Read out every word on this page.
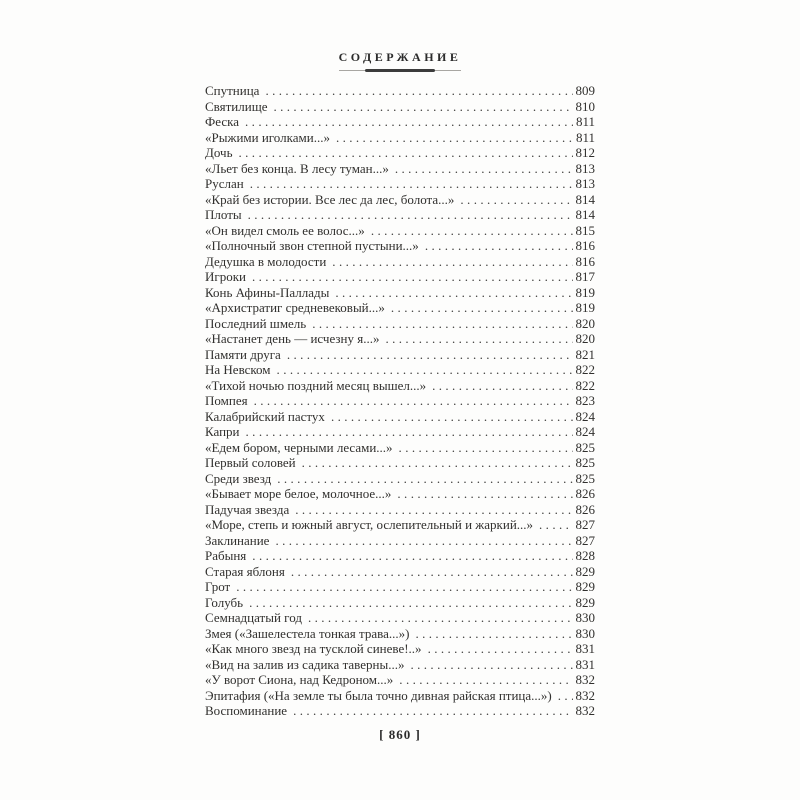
СОДЕРЖАНИЕ
Спутница .....	809
Святилище .....	810
Феска .....	811
«Рыжими иголками...» .....	811
Дочь .....	812
«Льет без конца. В лесу туман...» .....	813
Руслан .....	813
«Край без истории. Все лес да лес, болота...» .....	814
Плоты .....	814
«Он видел смоль ее волос...» .....	815
«Полночный звон степной пустыни...» .....	816
Дедушка в молодости .....	816
Игроки .....	817
Конь Афины-Паллады .....	819
«Архистратиг средневековый...» .....	819
Последний шмель .....	820
«Настанет день — исчезну я...» .....	820
Памяти друга .....	821
На Невском .....	822
«Тихой ночью поздний месяц вышел...» .....	822
Помпея .....	823
Калабрийский пастух .....	824
Капри .....	824
«Едем бором, черными лесами...» .....	825
Первый соловей .....	825
Среди звезд .....	825
«Бывает море белое, молочное...» .....	826
Падучая звезда .....	826
«Море, степь и южный август, ослепительный и жаркий...» .....	827
Заклинание .....	827
Рабыня .....	828
Старая яблоня .....	829
Грот .....	829
Голубь .....	829
Семнадцатый год .....	830
Змея («Зашелестела тонкая трава...») .....	830
«Как много звезд на тусклой синеве!..» .....	831
«Вид на залив из садика таверны...» .....	831
«У ворот Сиона, над Кедроном...» .....	832
Эпитафия («На земле ты была точно дивная райская птица...») ..... 832
Воспоминание .....	832
[ 860 ]
